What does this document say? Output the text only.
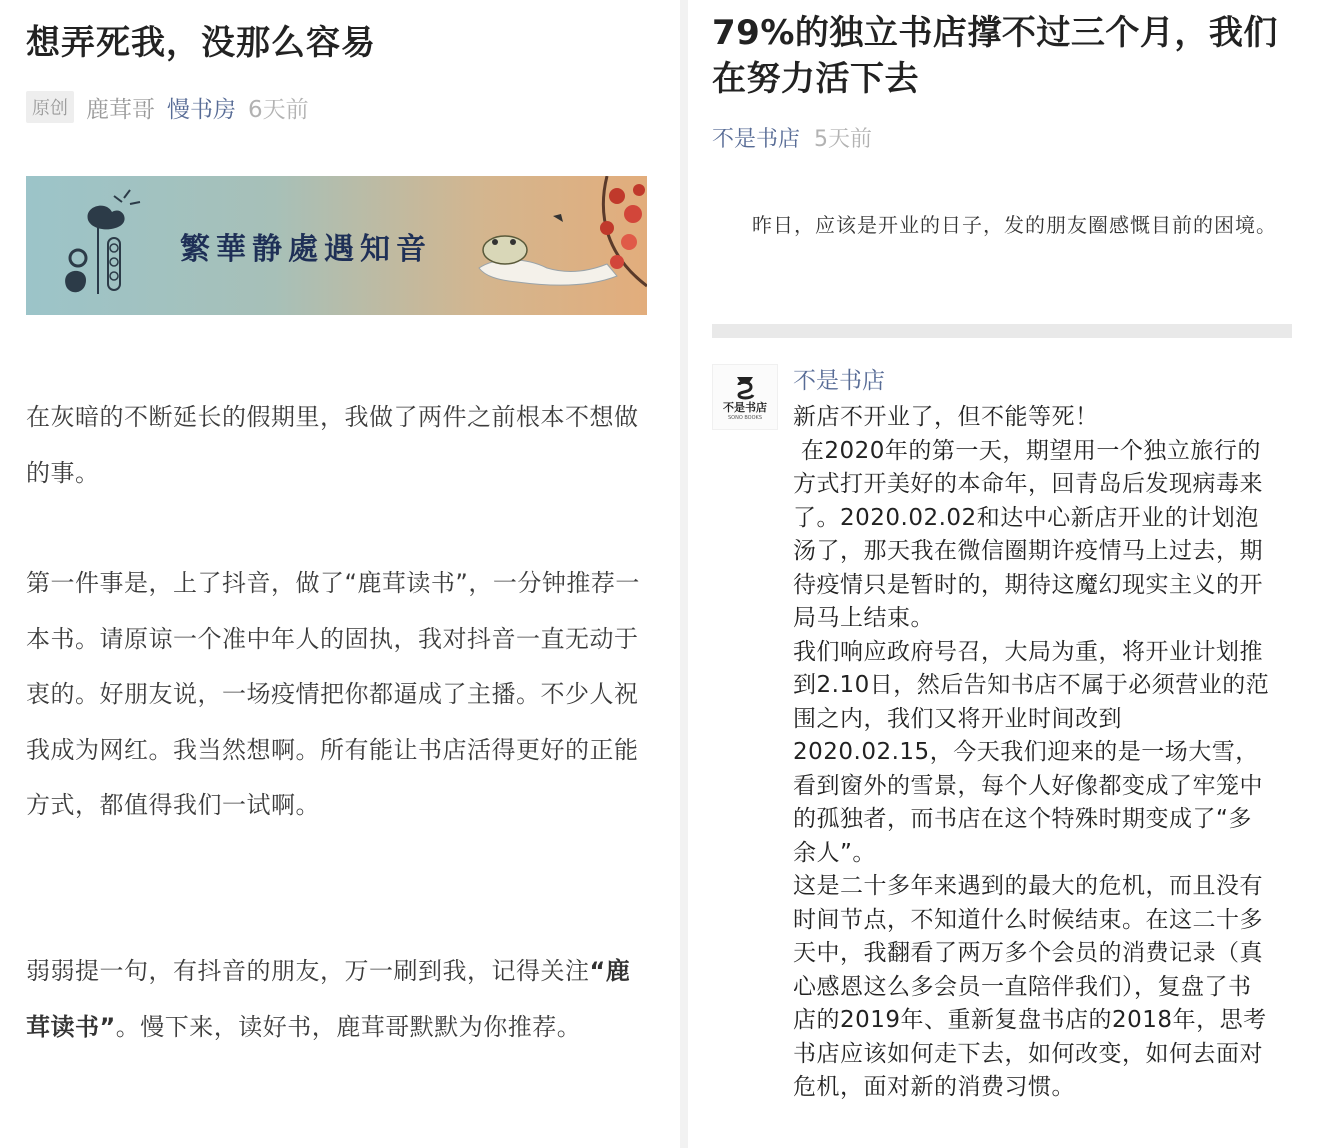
想弄死我，没那么容易
原创 鹿茸哥 慢书房 6天前
繁華静處遇知音

在灰暗的不断延长的假期里，我做了两件之前根本不想做的事。

第一件事是，上了抖音，做了“鹿茸读书”，一分钟推荐一本书。请原谅一个准中年人的固执，我对抖音一直无动于衷的。好朋友说，一场疫情把你都逼成了主播。不少人祝我成为网红。我当然想啊。所有能让书店活得更好的正能方式，都值得我们一试啊。

弱弱提一句，有抖音的朋友，万一刷到我，记得关注“鹿茸读书”。慢下来，读好书，鹿茸哥默默为你推荐。

79%的独立书店撑不过三个月，我们在努力活下去
不是书店 5天前

昨日，应该是开业的日子，发的朋友圈感慨目前的困境。

不是书店
SONO BOOKS
不是书店

新店不开业了，但不能等死！

在2020年的第一天，期望用一个独立旅行的方式打开美好的本命年，回青岛后发现病毒来了。2020.02.02和达中心新店开业的计划泡汤了，那天我在微信圈期许疫情马上过去，期待疫情只是暂时的，期待这魔幻现实主义的开局马上结束。

我们响应政府号召，大局为重，将开业计划推到2.10日，然后告知书店不属于必须营业的范围之内，我们又将开业时间改到2020.02.15，今天我们迎来的是一场大雪，看到窗外的雪景，每个人好像都变成了牢笼中的孤独者，而书店在这个特殊时期变成了“多余人”。

这是二十多年来遇到的最大的危机，而且没有时间节点，不知道什么时候结束。在这二十多天中，我翻看了两万多个会员的消费记录（真心感恩这么多会员一直陪伴我们），复盘了书店的2019年、重新复盘书店的2018年，思考书店应该如何走下去，如何改变，如何去面对危机，面对新的消费习惯。
